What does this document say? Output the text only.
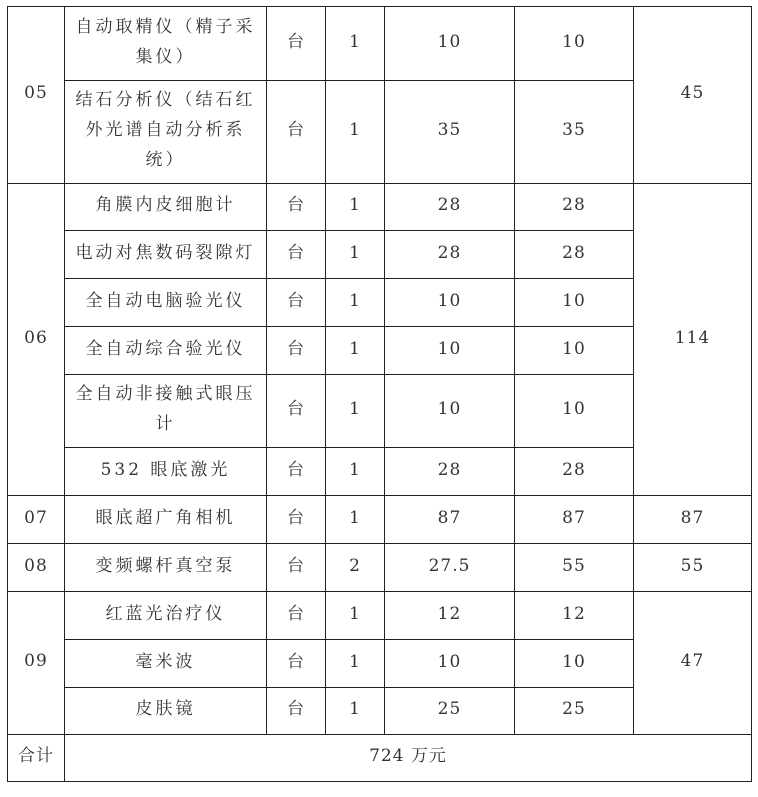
05	自动取精仪（精子采集仪）	台	1	10	10	45
	结石分析仪（结石红外光谱自动分析系统）	台	1	35	35	
06	角膜内皮细胞计	台	1	28	28	114
	电动对焦数码裂隙灯	台	1	28	28	
	全自动电脑验光仪	台	1	10	10	
	全自动综合验光仪	台	1	10	10	
	全自动非接触式眼压计	台	1	10	10	
	532 眼底激光	台	1	28	28	
07	眼底超广角相机	台	1	87	87	87
08	变频螺杆真空泵	台	2	27.5	55	55
09	红蓝光治疗仪	台	1	12	12	47
	毫米波	台	1	10	10	
	皮肤镜	台	1	25	25	
合计	724 万元					
